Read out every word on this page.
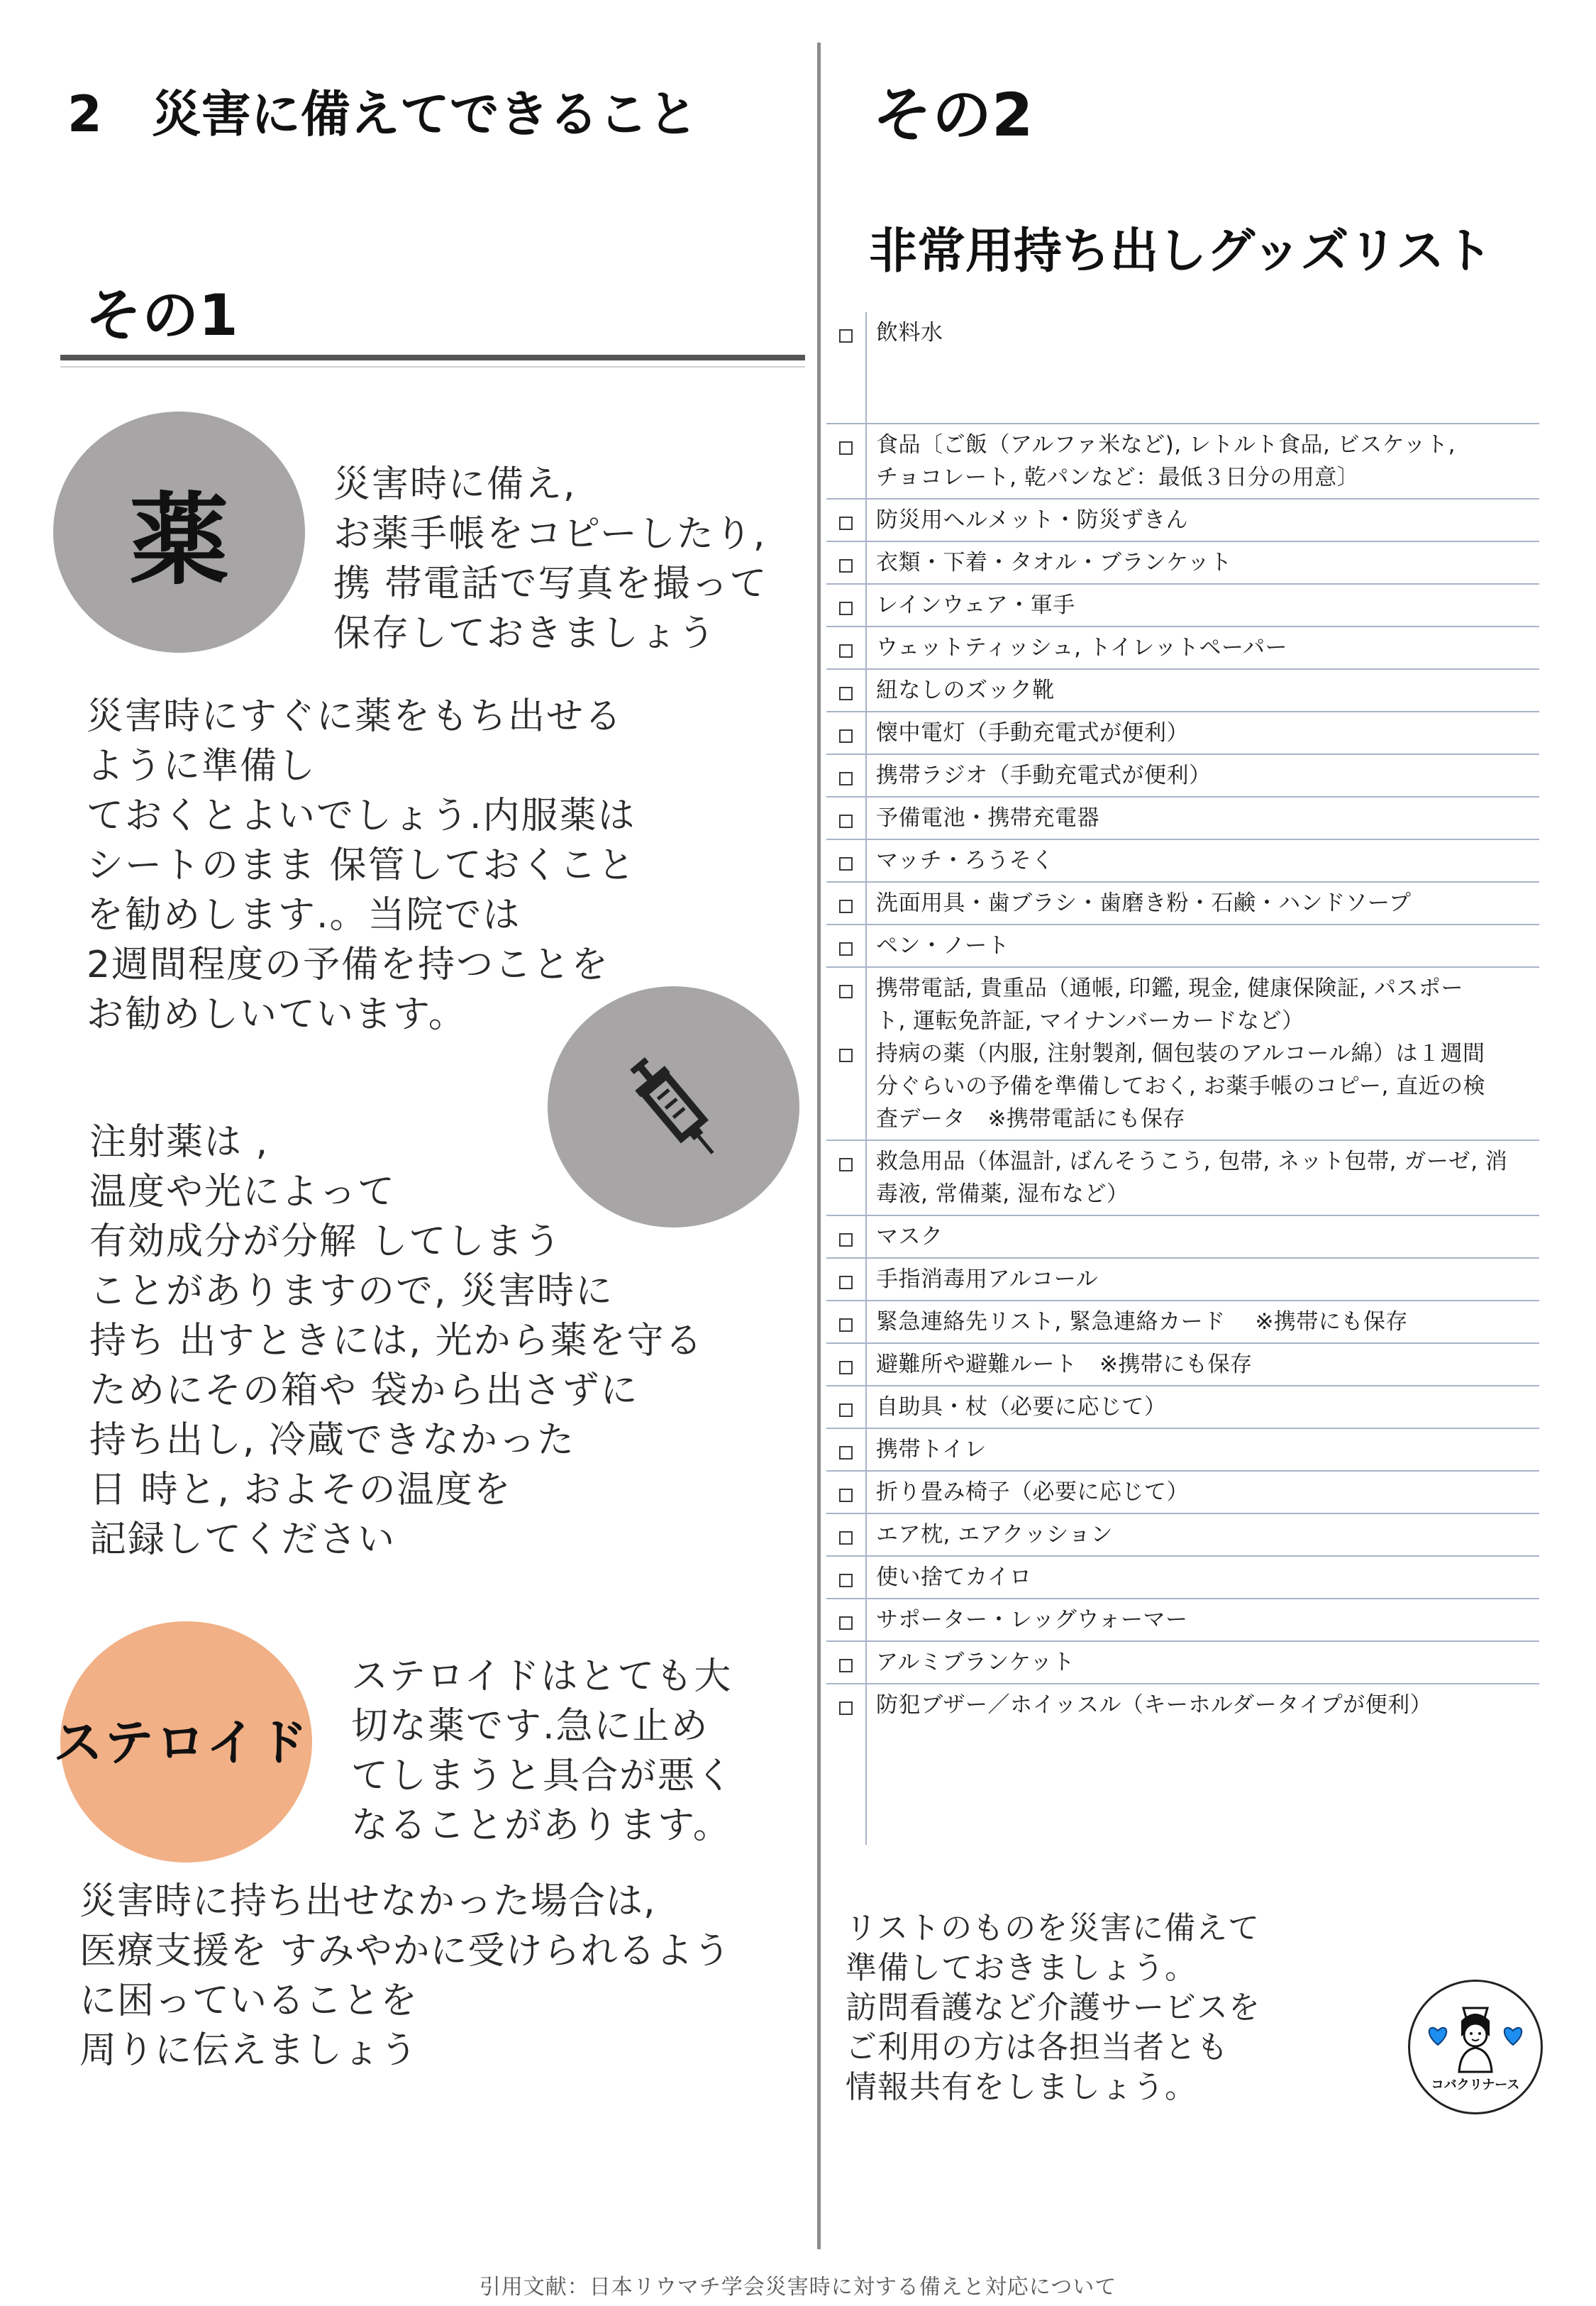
2　災害に備えてできること
その1
薬	災害時に備え,
お薬手帳をコピーしたり,
携 帯電話で写真を撮って
保存しておきましょう
災害時にすぐに薬をもち出せる
ように準備し
ておくとよいでしょう.内服薬は
シートのまま 保管しておくこと
を勧めします.。当院では
2週間程度の予備を持つことを
お勧めしいています。
注射薬は ,
温度や光によって
有効成分が分解 してしまう
ことがありますので, 災害時に
持ち 出すときには, 光から薬を守る
ためにその箱や 袋から出さずに
持ち出し, 冷蔵できなかった
日 時と, およその温度を
記録してください
ステロイド
ステロイドはとても大
切な薬です.急に止め
てしまうと具合が悪く
なることがあります。
災害時に持ち出せなかった場合は,
医療支援を すみやかに受けられるよう
に困っていることを
周りに伝えましょう
その2
非常用持ち出しグッズリスト
飲料水
食品〔ご飯（アルファ米など), レトルト食品, ビスケット,
チョコレート, 乾パンなど：最低３日分の用意〕
防災用ヘルメット・防災ずきん
衣類・下着・タオル・ブランケット
レインウェア・軍手
ウェットティッシュ, トイレットペーパー
紐なしのズック靴
懐中電灯（手動充電式が便利）
携帯ラジオ（手動充電式が便利）
予備電池・携帯充電器
マッチ・ろうそく
洗面用具・歯ブラシ・歯磨き粉・石鹸・ハンドソープ
ペン・ノート
携帯電話, 貴重品（通帳, 印鑑, 現金, 健康保険証, パスポー
ト, 運転免許証, マイナンバーカードなど）
持病の薬（内服, 注射製剤, 個包装のアルコール綿）は１週間
分ぐらいの予備を準備しておく, お薬手帳のコピー, 直近の検
査データ　※携帯電話にも保存
救急用品（体温計, ばんそうこう, 包帯, ネット包帯, ガーゼ, 消
毒液, 常備薬, 湿布など）
マスク
手指消毒用アルコール
緊急連絡先リスト, 緊急連絡カード　 ※携帯にも保存
避難所や避難ルート　※携帯にも保存
自助具・杖（必要に応じて）
携帯トイレ
折り畳み椅子（必要に応じて）
エア枕, エアクッション
使い捨てカイロ
サポーター・レッグウォーマー
アルミブランケット
防犯ブザー／ホイッスル（キーホルダータイプが便利）
リストのものを災害に備えて
準備しておきましょう。
訪問看護など介護サービスを
ご利用の方は各担当者とも
情報共有をしましょう。	コバクリナース
引用文献：日本リウマチ学会災害時に対する備えと対応について
